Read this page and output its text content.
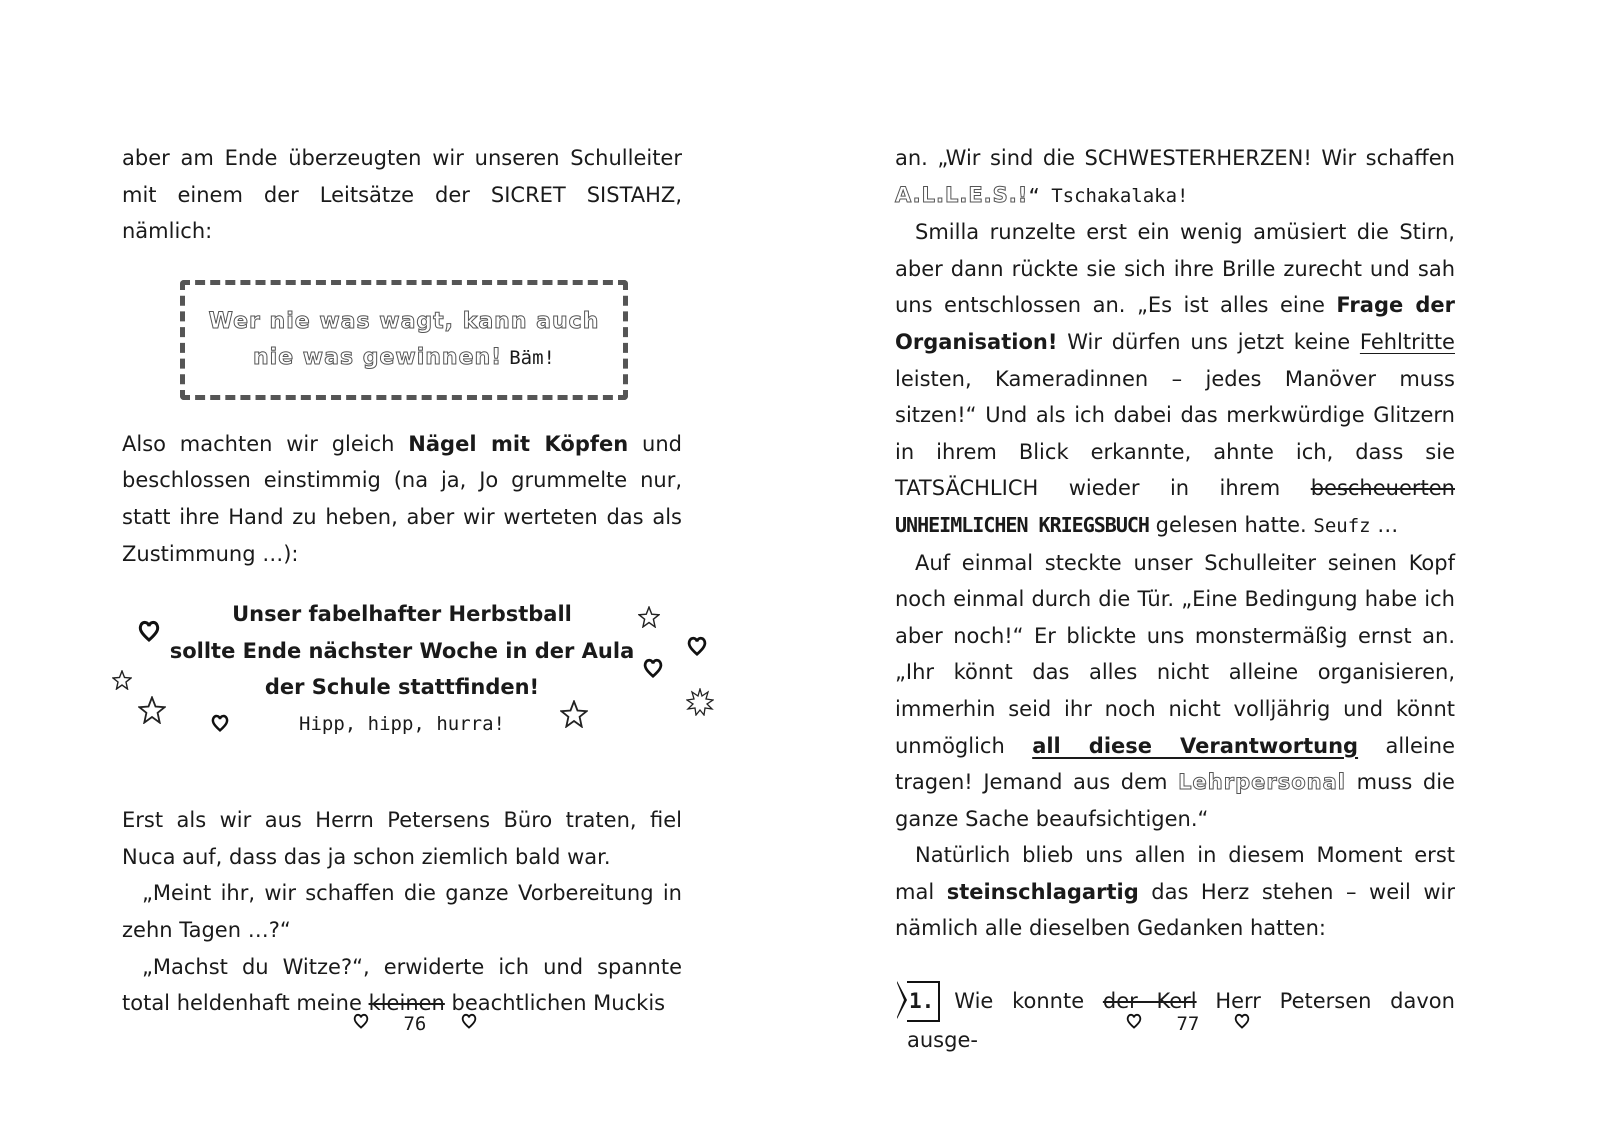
aber am Ende überzeugten wir unseren Schulleiter mit einem der Leitsätze der SICRET SISTAHZ, nämlich:

Wer nie was wagt, kann auch
nie was gewinnen! Bäm!

Also machten wir gleich Nägel mit Köpfen und beschlossen einstimmig (na ja, Jo grummelte nur, statt ihre Hand zu heben, aber wir werteten das als Zustimmung …):

Unser fabelhafter Herbstball
sollte Ende nächster Woche in der Aula
der Schule stattfinden!
Hipp, hipp, hurra!

Erst als wir aus Herrn Petersens Büro traten, fiel Nuca auf, dass das ja schon ziemlich bald war.

„Meint ihr, wir schaffen die ganze Vorbereitung in zehn Tagen …?“

„Machst du Witze?“, erwiderte ich und spannte total heldenhaft meine kleinen beachtlichen Muckis

76

an. „Wir sind die SCHWESTERHERZEN! Wir schaffen A.L.L.E.S.!“ Tschakalaka!

Smilla runzelte erst ein wenig amüsiert die Stirn, aber dann rückte sie sich ihre Brille zurecht und sah uns entschlossen an. „Es ist alles eine Frage der Organisation! Wir dürfen uns jetzt keine Fehltritte leisten, Kameradinnen – jedes Manöver muss sitzen!“ Und als ich dabei das merkwürdige Glitzern in ihrem Blick erkannte, ahnte ich, dass sie TATSÄCHLICH wieder in ihrem bescheuerten UNHEIMLICHEN KRIEGSBUCH gelesen hatte. Seufz …

Auf einmal steckte unser Schulleiter seinen Kopf noch einmal durch die Tür. „Eine Bedingung habe ich aber noch!“ Er blickte uns monstermäßig ernst an. „Ihr könnt das alles nicht alleine organisieren, immerhin seid ihr noch nicht volljährig und könnt unmöglich all diese Verantwortung alleine tragen! Jemand aus dem Lehrpersonal muss die ganze Sache beaufsichtigen.“

Natürlich blieb uns allen in diesem Moment erst mal steinschlagartig das Herz stehen – weil wir nämlich alle dieselben Gedanken hatten:

1. Wie konnte der Kerl Herr Petersen davon ausge-

77
